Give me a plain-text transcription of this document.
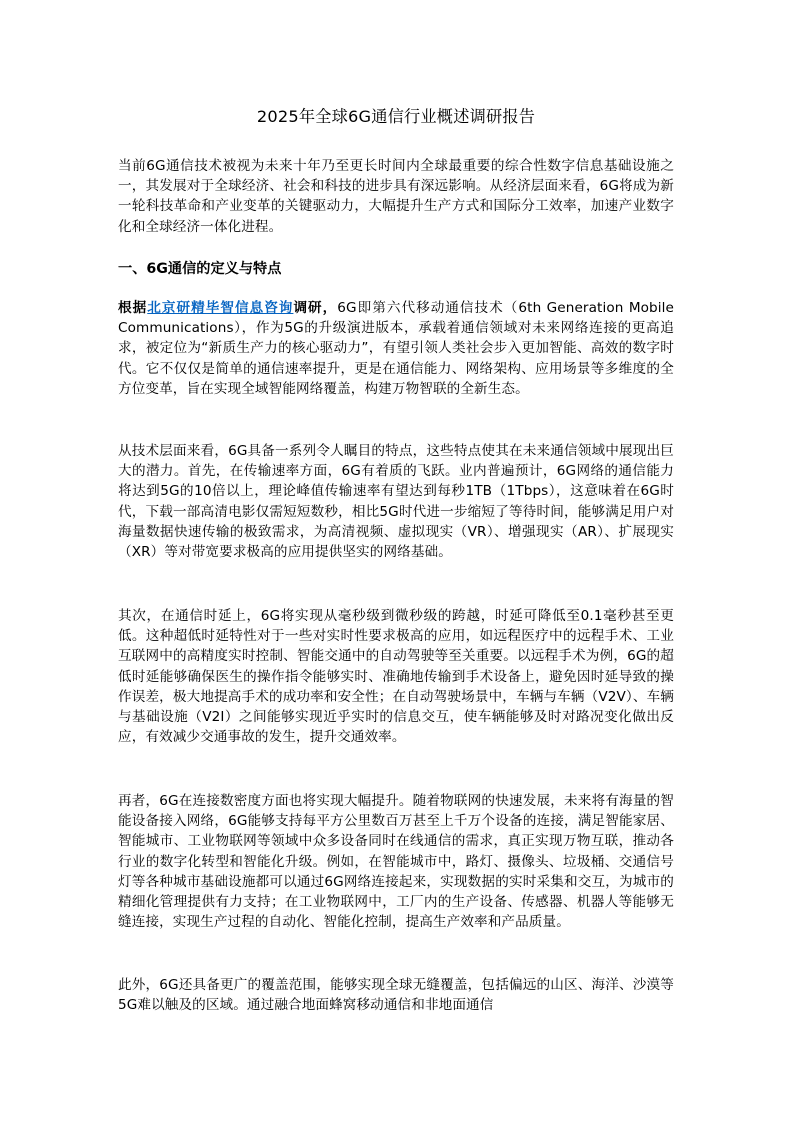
2025年全球6G通信行业概述调研报告

当前6G通信技术被视为未来十年乃至更长时间内全球最重要的综合性数字信息基础设施之一，其发展对于全球经济、社会和科技的进步具有深远影响。从经济层面来看，6G将成为新一轮科技革命和产业变革的关键驱动力，大幅提升生产方式和国际分工效率，加速产业数字化和全球经济一体化进程。

一、6G通信的定义与特点

根据北京研精毕智信息咨询调研，6G即第六代移动通信技术（6th Generation Mobile Communications），作为5G的升级演进版本，承载着通信领域对未来网络连接的更高追求，被定位为“新质生产力的核心驱动力”，有望引领人类社会步入更加智能、高效的数字时代。它不仅仅是简单的通信速率提升，更是在通信能力、网络架构、应用场景等多维度的全方位变革，旨在实现全域智能网络覆盖，构建万物智联的全新生态。

从技术层面来看，6G具备一系列令人瞩目的特点，这些特点使其在未来通信领域中展现出巨大的潜力。首先，在传输速率方面，6G有着质的飞跃。业内普遍预计，6G网络的通信能力将达到5G的10倍以上，理论峰值传输速率有望达到每秒1TB（1Tbps），这意味着在6G时代，下载一部高清电影仅需短短数秒，相比5G时代进一步缩短了等待时间，能够满足用户对海量数据快速传输的极致需求，为高清视频、虚拟现实（VR）、增强现实（AR）、扩展现实（XR）等对带宽要求极高的应用提供坚实的网络基础。

其次，在通信时延上，6G将实现从毫秒级到微秒级的跨越，时延可降低至0.1毫秒甚至更低。这种超低时延特性对于一些对实时性要求极高的应用，如远程医疗中的远程手术、工业互联网中的高精度实时控制、智能交通中的自动驾驶等至关重要。以远程手术为例，6G的超低时延能够确保医生的操作指令能够实时、准确地传输到手术设备上，避免因时延导致的操作误差，极大地提高手术的成功率和安全性；在自动驾驶场景中，车辆与车辆（V2V）、车辆与基础设施（V2I）之间能够实现近乎实时的信息交互，使车辆能够及时对路况变化做出反应，有效减少交通事故的发生，提升交通效率。

再者，6G在连接数密度方面也将实现大幅提升。随着物联网的快速发展，未来将有海量的智能设备接入网络，6G能够支持每平方公里数百万甚至上千万个设备的连接，满足智能家居、智能城市、工业物联网等领域中众多设备同时在线通信的需求，真正实现万物互联，推动各行业的数字化转型和智能化升级。例如，在智能城市中，路灯、摄像头、垃圾桶、交通信号灯等各种城市基础设施都可以通过6G网络连接起来，实现数据的实时采集和交互，为城市的精细化管理提供有力支持；在工业物联网中，工厂内的生产设备、传感器、机器人等能够无缝连接，实现生产过程的自动化、智能化控制，提高生产效率和产品质量。

此外，6G还具备更广的覆盖范围，能够实现全球无缝覆盖，包括偏远的山区、海洋、沙漠等5G难以触及的区域。通过融合地面蜂窝移动通信和非地面通信
